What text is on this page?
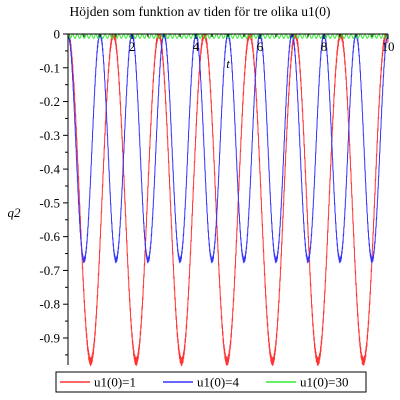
Höjden som funktion av tiden för tre olika u1(0)
q2
t
2	4	6	8	10
0
-0.1
-0.2
-0.3
-0.4
-0.5
-0.6
-0.7
-0.8
-0.9
u1(0)=1	u1(0)=4	u1(0)=30
